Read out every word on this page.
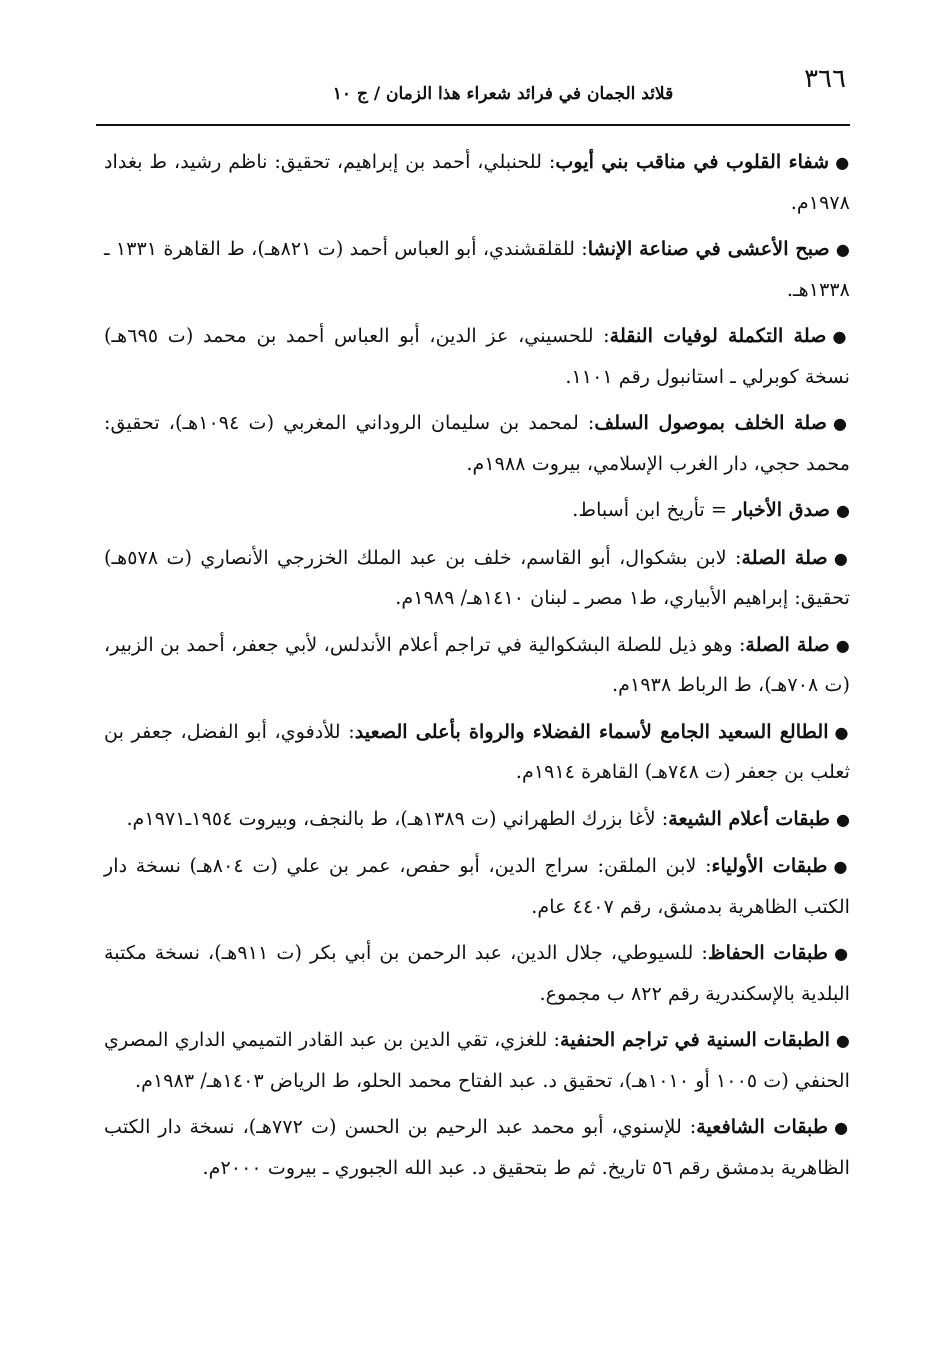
٣٦٦
قلائد الجمان في فرائد شعراء هذا الزمان / ج ١٠

●شفاء القلوب في مناقب بني أيوب: للحنبلي، أحمد بن إبراهيم، تحقيق: ناظم رشيد، ط بغداد ١٩٧٨م.

●صبح الأعشى في صناعة الإنشا: للقلقشندي، أبو العباس أحمد (ت ٨٢١هـ)، ط القاهرة ١٣٣١ ـ ١٣٣٨هـ.

●صلة التكملة لوفيات النقلة: للحسيني، عز الدين، أبو العباس أحمد بن محمد (ت ٦٩٥هـ) نسخة كوبرلي ـ استانبول رقم ١١٠١.

●صلة الخلف بموصول السلف: لمحمد بن سليمان الروداني المغربي (ت ١٠٩٤هـ)، تحقيق: محمد حجي، دار الغرب الإسلامي، بيروت ١٩٨٨م.

●صدق الأخبار = تأريخ ابن أسباط.

●صلة الصلة: لابن بشكوال، أبو القاسم، خلف بن عبد الملك الخزرجي الأنصاري (ت ٥٧٨هـ) تحقيق: إبراهيم الأبياري، ط١ مصر ـ لبنان ١٤١٠هـ/ ١٩٨٩م.

●صلة الصلة: وهو ذيل للصلة البشكوالية في تراجم أعلام الأندلس، لأبي جعفر، أحمد بن الزبير، (ت ٧٠٨هـ)، ط الرباط ١٩٣٨م.

●الطالع السعيد الجامع لأسماء الفضلاء والرواة بأعلى الصعيد: للأدفوي، أبو الفضل، جعفر بن ثعلب بن جعفر (ت ٧٤٨هـ) القاهرة ١٩١٤م.

●طبقات أعلام الشيعة: لأغا بزرك الطهراني (ت ١٣٨٩هـ)، ط بالنجف، وبيروت ١٩٥٤ـ١٩٧١م.

●طبقات الأولياء: لابن الملقن: سراج الدين، أبو حفص، عمر بن علي (ت ٨٠٤هـ) نسخة دار الكتب الظاهرية بدمشق، رقم ٤٤٠٧ عام.

●طبقات الحفاظ: للسيوطي، جلال الدين، عبد الرحمن بن أبي بكر (ت ٩١١هـ)، نسخة مكتبة البلدية بالإسكندرية رقم ٨٢٢ ب مجموع.

●الطبقات السنية في تراجم الحنفية: للغزي، تقي الدين بن عبد القادر التميمي الداري المصري الحنفي (ت ١٠٠٥ أو ١٠١٠هـ)، تحقيق د. عبد الفتاح محمد الحلو، ط الرياض ١٤٠٣هـ/ ١٩٨٣م.

●طبقات الشافعية: للإسنوي، أبو محمد عبد الرحيم بن الحسن (ت ٧٧٢هـ)، نسخة دار الكتب الظاهرية بدمشق رقم ٥٦ تاريخ. ثم ط بتحقيق د. عبد الله الجبوري ـ بيروت ٢٠٠٠م.
